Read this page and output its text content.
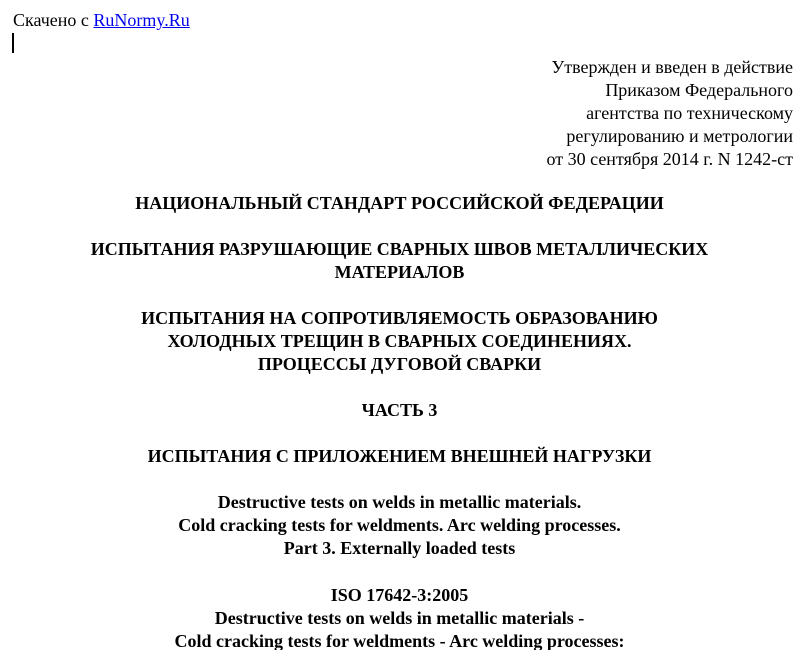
Скачено с RuNormy.Ru
Утвержден и введен в действие
Приказом Федерального
агентства по техническому
регулированию и метрологии
от 30 сентября 2014 г. N 1242-ст
НАЦИОНАЛЬНЫЙ СТАНДАРТ РОССИЙСКОЙ ФЕДЕРАЦИИ
ИСПЫТАНИЯ РАЗРУШАЮЩИЕ СВАРНЫХ ШВОВ МЕТАЛЛИЧЕСКИХ
МАТЕРИАЛОВ
ИСПЫТАНИЯ НА СОПРОТИВЛЯЕМОСТЬ ОБРАЗОВАНИЮ
ХОЛОДНЫХ ТРЕЩИН В СВАРНЫХ СОЕДИНЕНИЯХ.
ПРОЦЕССЫ ДУГОВОЙ СВАРКИ
ЧАСТЬ 3
ИСПЫТАНИЯ С ПРИЛОЖЕНИЕМ ВНЕШНЕЙ НАГРУЗКИ
Destructive tests on welds in metallic materials.
Cold cracking tests for weldments. Arc welding processes.
Part 3. Externally loaded tests
ISO 17642-3:2005
Destructive tests on welds in metallic materials -
Cold cracking tests for weldments - Arc welding processes:
